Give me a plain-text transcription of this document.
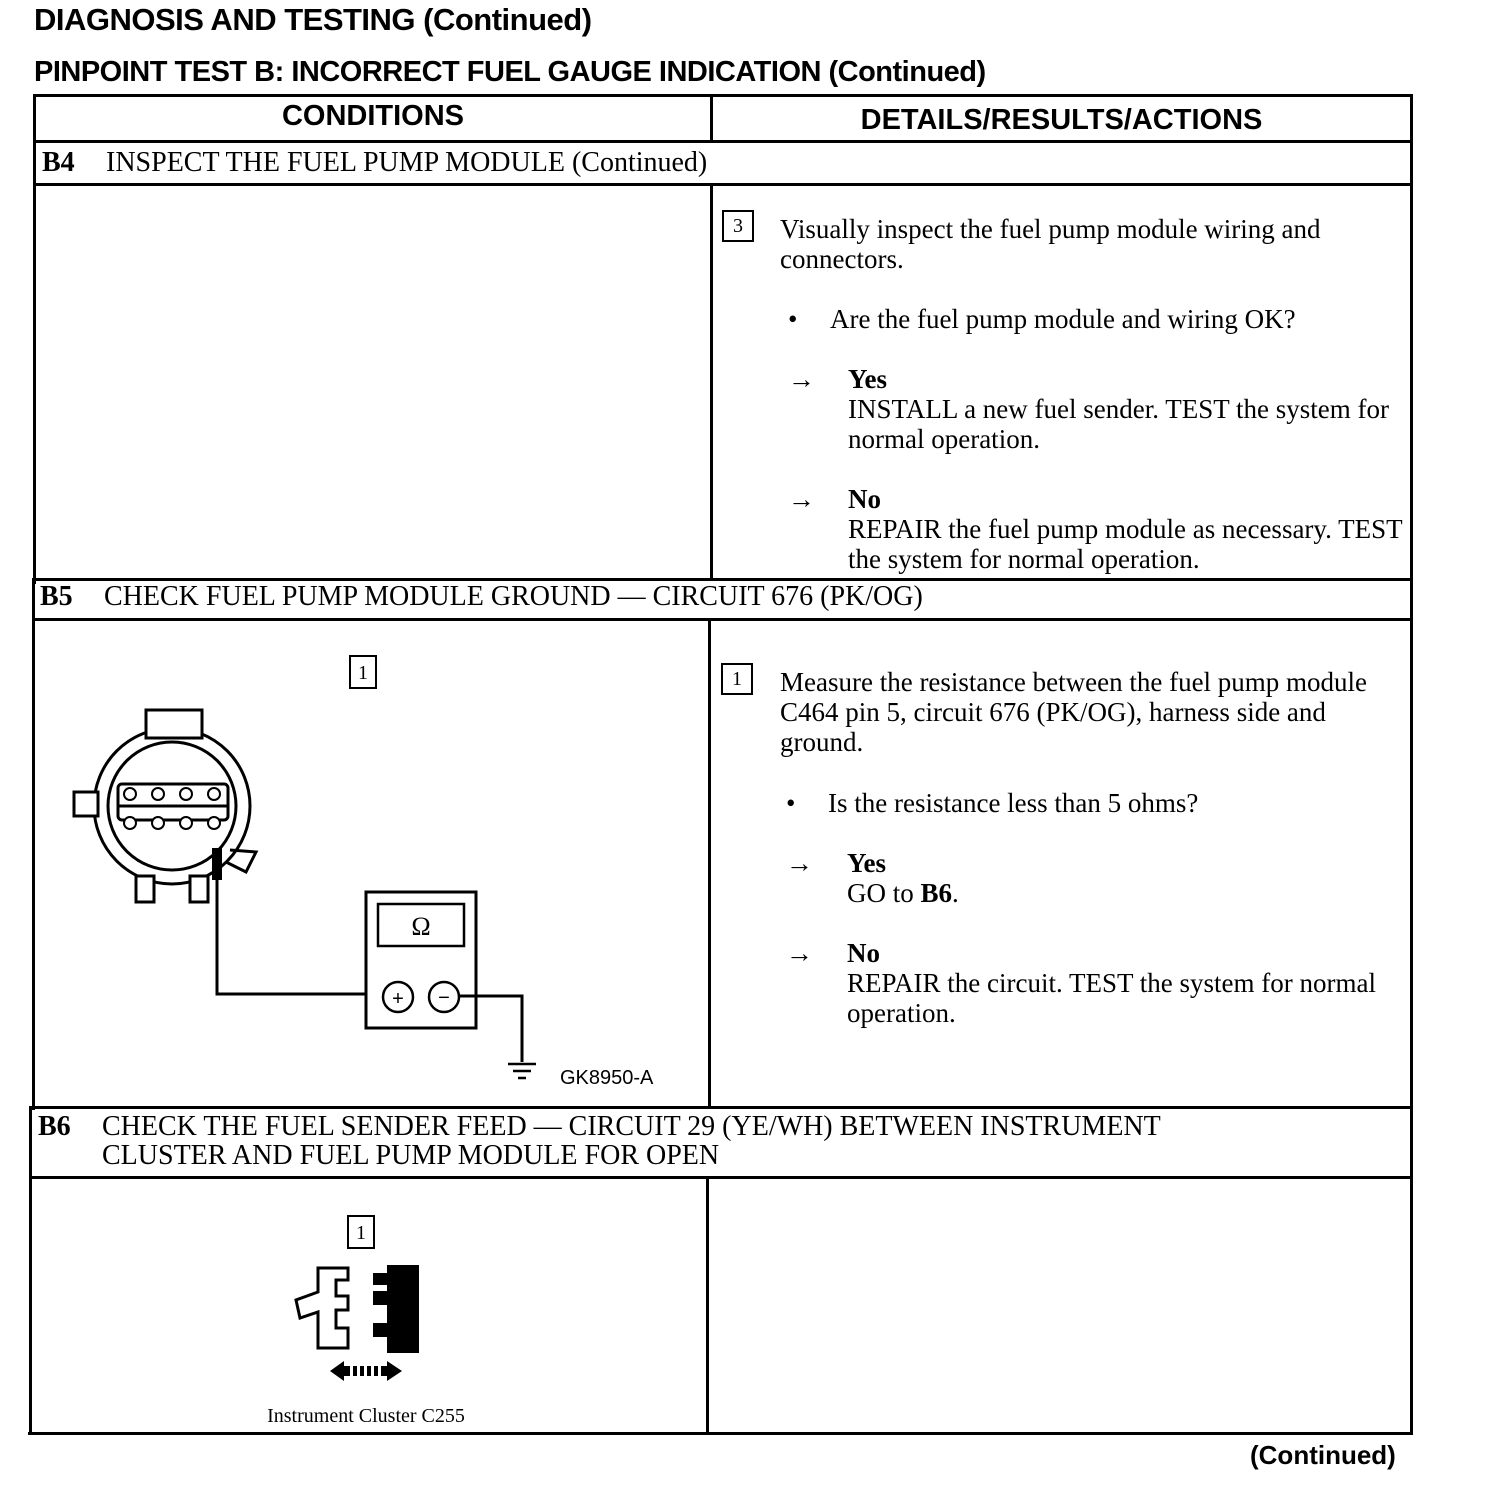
DIAGNOSIS AND TESTING (Continued)
PINPOINT TEST B: INCORRECT FUEL GAUGE INDICATION (Continued)
CONDITIONS	DETAILS/RESULTS/ACTIONS
B4 INSPECT THE FUEL PUMP MODULE (Continued)
3	Visually inspect the fuel pump module wiring and connectors.
• Are the fuel pump module and wiring OK?
→ Yes
INSTALL a new fuel sender. TEST the system for normal operation.
→ No
REPAIR the fuel pump module as necessary. TEST the system for normal operation.
B5 CHECK FUEL PUMP MODULE GROUND — CIRCUIT 676 (PK/OG)
1
Ω
+ −
GK8950-A
1	Measure the resistance between the fuel pump module C464 pin 5, circuit 676 (PK/OG), harness side and ground.
• Is the resistance less than 5 ohms?
→ Yes
GO to B6.
→ No
REPAIR the circuit. TEST the system for normal operation.
B6 CHECK THE FUEL SENDER FEED — CIRCUIT 29 (YE/WH) BETWEEN INSTRUMENT
CLUSTER AND FUEL PUMP MODULE FOR OPEN
1
Instrument Cluster C255
(Continued)
